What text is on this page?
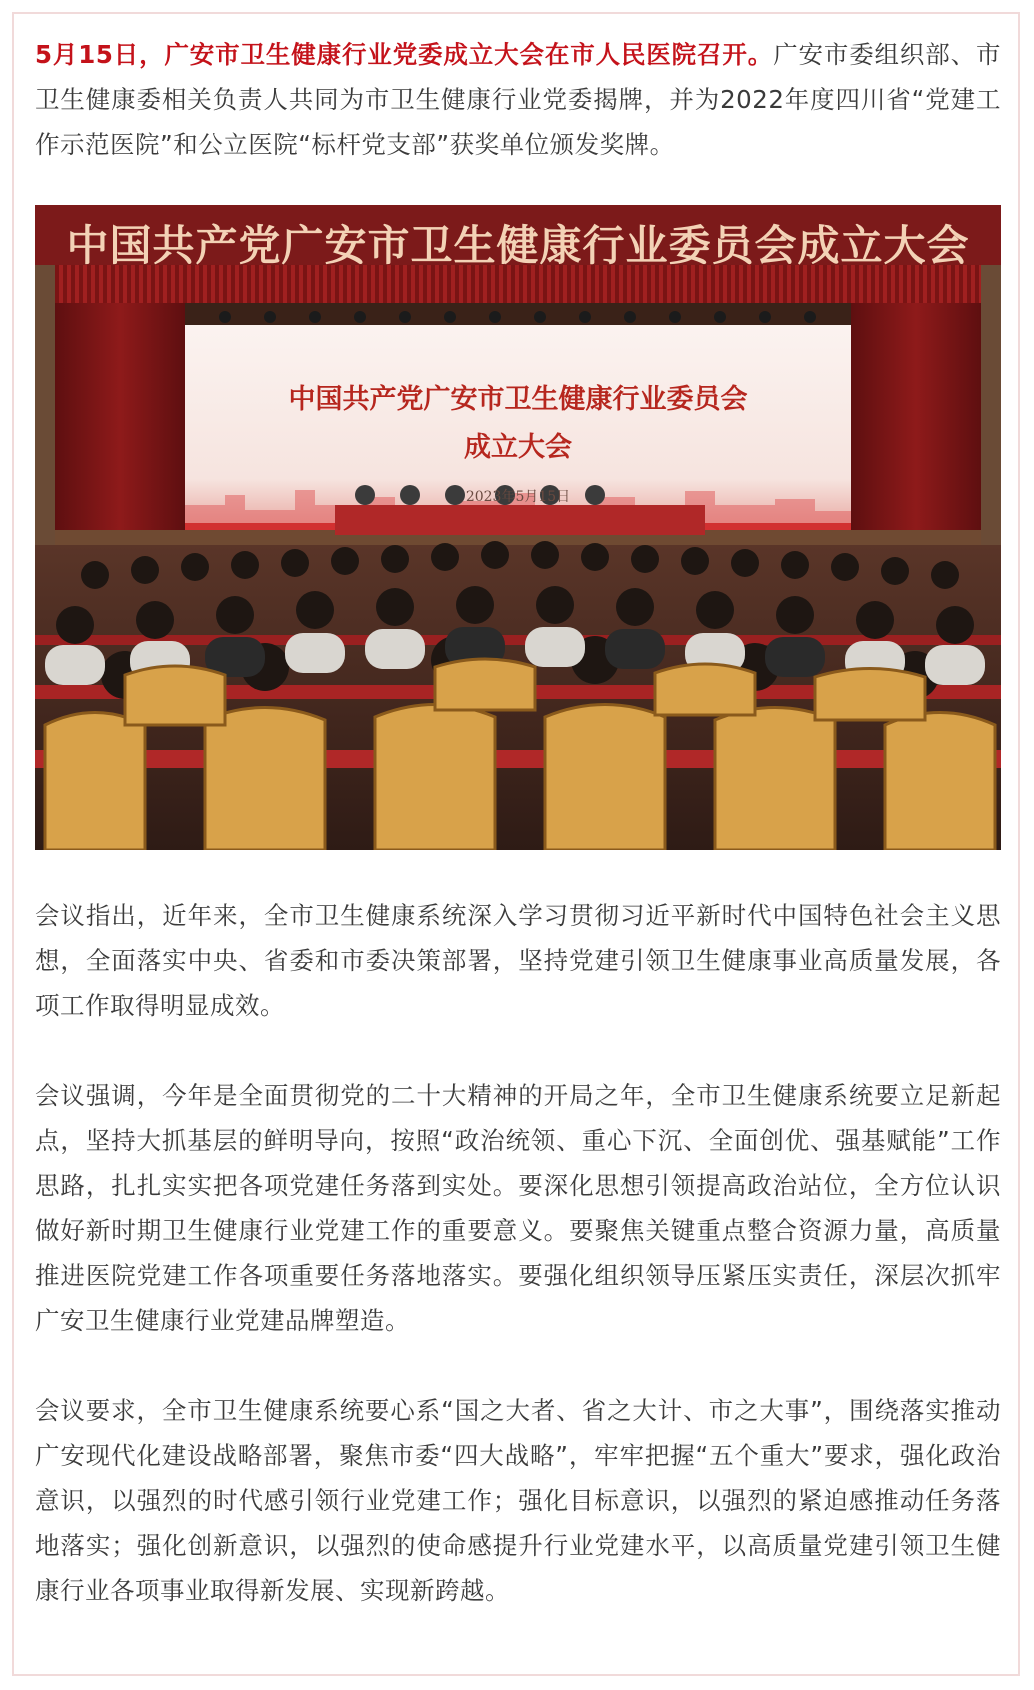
5月15日，广安市卫生健康行业党委成立大会在市人民医院召开。广安市委组织部、市卫生健康委相关负责人共同为市卫生健康行业党委揭牌，并为2022年度四川省“党建工作示范医院”和公立医院“标杆党支部”获奖单位颁发奖牌。

中国共产党广安市卫生健康行业委员会成立大会
中国共产党广安市卫生健康行业委员会
成立大会
2023年5月15日

会议指出，近年来，全市卫生健康系统深入学习贯彻习近平新时代中国特色社会主义思想，全面落实中央、省委和市委决策部署，坚持党建引领卫生健康事业高质量发展，各项工作取得明显成效。

会议强调，今年是全面贯彻党的二十大精神的开局之年，全市卫生健康系统要立足新起点，坚持大抓基层的鲜明导向，按照“政治统领、重心下沉、全面创优、强基赋能”工作思路，扎扎实实把各项党建任务落到实处。要深化思想引领提高政治站位，全方位认识做好新时期卫生健康行业党建工作的重要意义。要聚焦关键重点整合资源力量，高质量推进医院党建工作各项重要任务落地落实。要强化组织领导压紧压实责任，深层次抓牢广安卫生健康行业党建品牌塑造。

会议要求，全市卫生健康系统要心系“国之大者、省之大计、市之大事”，围绕落实推动广安现代化建设战略部署，聚焦市委“四大战略”，牢牢把握“五个重大”要求，强化政治意识，以强烈的时代感引领行业党建工作；强化目标意识，以强烈的紧迫感推动任务落地落实；强化创新意识，以强烈的使命感提升行业党建水平，以高质量党建引领卫生健康行业各项事业取得新发展、实现新跨越。
